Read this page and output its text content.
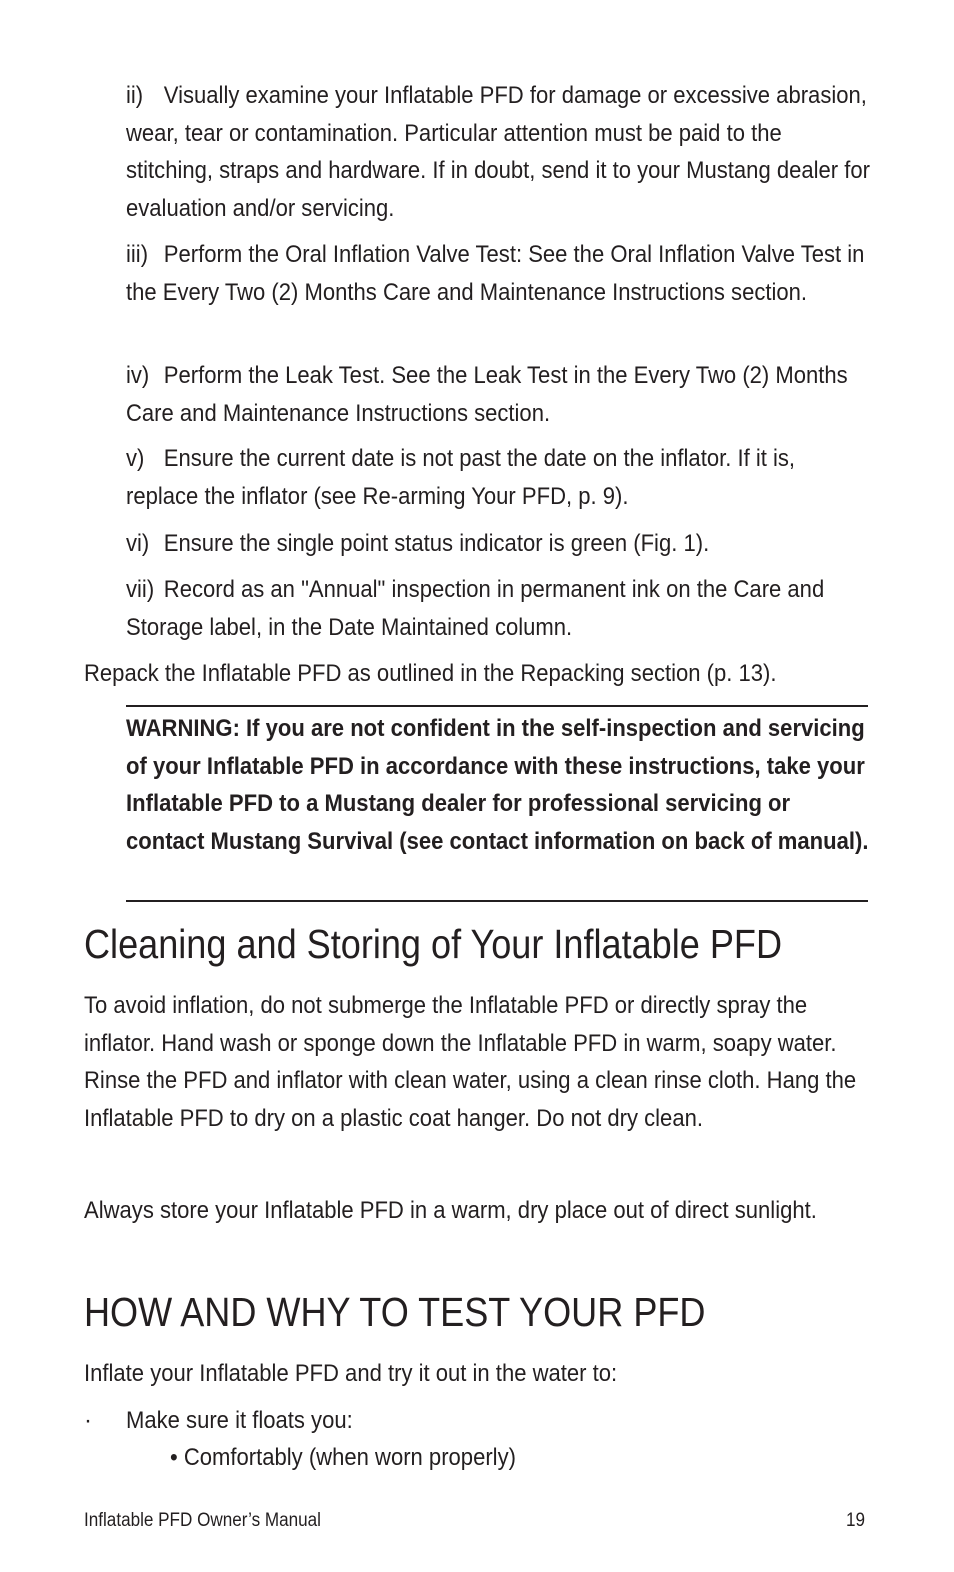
ii) Visually examine your Inflatable PFD for damage or excessive abrasion, wear, tear or contamination. Particular attention must be paid to the stitching, straps and hardware. If in doubt, send it to your Mustang dealer for evaluation and/or servicing.
iii) Perform the Oral Inflation Valve Test: See the Oral Inflation Valve Test in the Every Two (2) Months Care and Maintenance Instructions section.
iv) Perform the Leak Test. See the Leak Test in the Every Two (2) Months Care and Maintenance Instructions section.
v) Ensure the current date is not past the date on the inflator. If it is, replace the inflator (see Re-arming Your PFD, p. 9).
vi) Ensure the single point status indicator is green (Fig. 1).
vii) Record as an "Annual" inspection in permanent ink on the Care and Storage label, in the Date Maintained column.
Repack the Inflatable PFD as outlined in the Repacking section (p. 13).
WARNING: If you are not confident in the self-inspection and servicing of your Inflatable PFD in accordance with these instructions, take your Inflatable PFD to a Mustang dealer for professional servicing or contact Mustang Survival (see contact information on back of manual).
Cleaning and Storing of Your Inflatable PFD
To avoid inflation, do not submerge the Inflatable PFD or directly spray the inflator. Hand wash or sponge down the Inflatable PFD in warm, soapy water. Rinse the PFD and inflator with clean water, using a clean rinse cloth. Hang the Inflatable PFD to dry on a plastic coat hanger. Do not dry clean.
Always store your Inflatable PFD in a warm, dry place out of direct sunlight.
HOW AND WHY TO TEST YOUR PFD
Inflate your Inflatable PFD and try it out in the water to:
· Make sure it floats you:
• Comfortably (when worn properly)
Inflatable PFD Owner’s Manual	19
